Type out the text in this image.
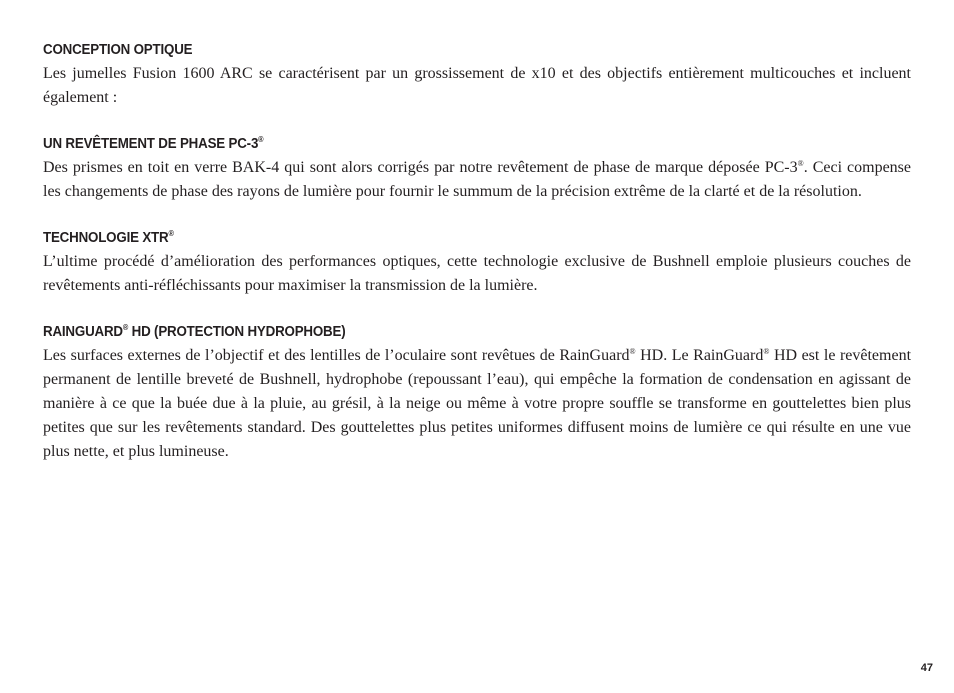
CONCEPTION OPTIQUE

Les jumelles Fusion 1600 ARC se caractérisent par un grossissement de x10 et des objectifs entièrement multicouches et incluent également :

UN REVÊTEMENT DE PHASE PC-3®

Des prismes en toit en verre BAK-4 qui sont alors corrigés par notre revêtement de phase de marque déposée PC-3®. Ceci compense les changements de phase des rayons de lumière pour fournir le summum de la précision extrême de la clarté et de la résolution.

TECHNOLOGIE XTR®

L’ultime procédé d’amélioration des performances optiques, cette technologie exclusive de Bushnell emploie plusieurs couches de revêtements anti-réfléchissants pour maximiser la transmission de la lumière.

RAINGUARD® HD (PROTECTION HYDROPHOBE)

Les surfaces externes de l’objectif et des lentilles de l’oculaire sont revêtues de RainGuard® HD. Le RainGuard® HD est le revêtement permanent de lentille breveté de Bushnell, hydrophobe (repoussant l’eau), qui empêche la formation de condensation en agissant de manière à ce que la buée due à la pluie, au grésil, à la neige ou même à votre propre souffle se transforme en gouttelettes bien plus petites que sur les revêtements standard. Des gouttelettes plus petites uniformes diffusent moins de lumière ce qui résulte en une vue plus nette, et plus lumineuse.

47
